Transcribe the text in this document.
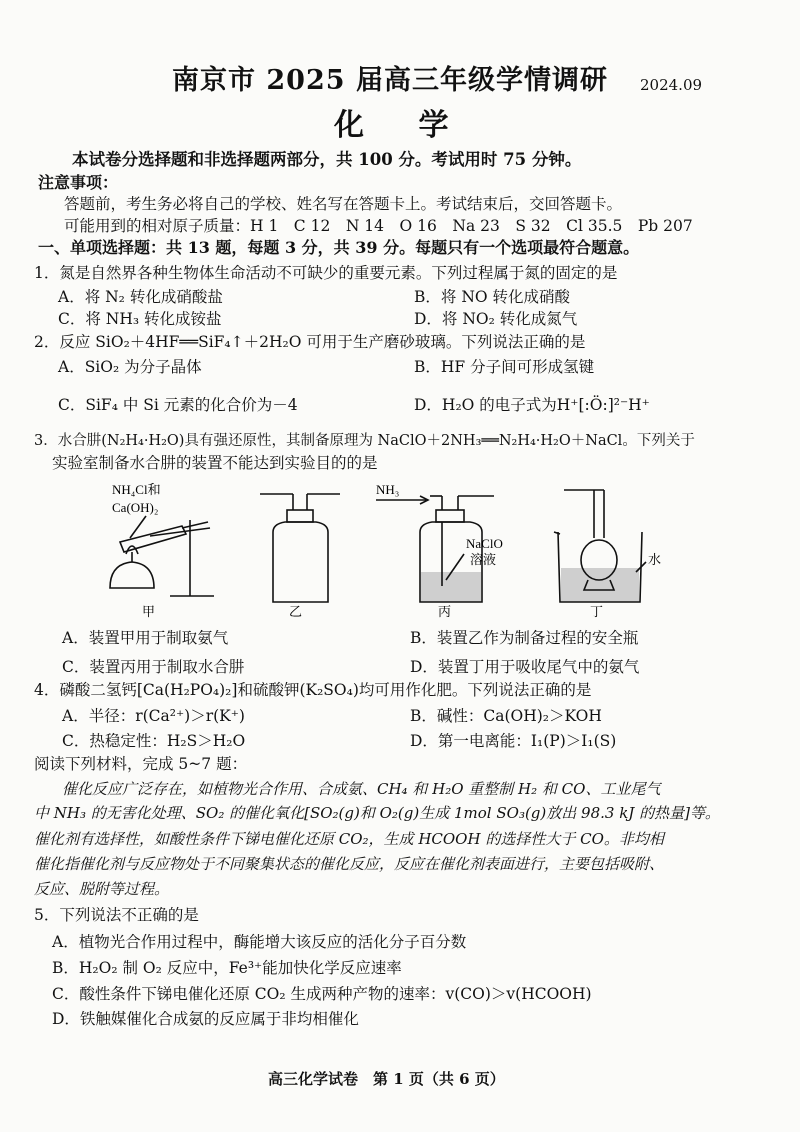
南京市 2025 届高三年级学情调研 2024.09
化 学
本试卷分选择题和非选择题两部分，共 100 分。考试用时 75 分钟。
注意事项：
答题前，考生务必将自己的学校、姓名写在答题卡上。考试结束后，交回答题卡。
可能用到的相对原子质量：H 1　C 12　N 14　O 16　Na 23　S 32　Cl 35.5　Pb 207
一、单项选择题：共 13 题，每题 3 分，共 39 分。每题只有一个选项最符合题意。
1．氮是自然界各种生物体生命活动不可缺少的重要元素。下列过程属于氮的固定的是
A．将 N₂ 转化成硝酸盐	B．将 NO 转化成硝酸
C．将 NH₃ 转化成铵盐	D．将 NO₂ 转化成氮气
2．反应 SiO₂＋4HF══SiF₄↑＋2H₂O 可用于生产磨砂玻璃。下列说法正确的是
A．SiO₂ 为分子晶体	B．HF 分子间可形成氢键
C．SiF₄ 中 Si 元素的化合价为－4	D．H₂O 的电子式为H⁺[:Ö:]²⁻H⁺
3．水合肼(N₂H₄·H₂O)具有强还原性，其制备原理为 NaClO＋2NH₃══N₂H₄·H₂O＋NaCl。下列关于
实验室制备水合肼的装置不能达到实验目的的是
NH₄Cl和
Ca(OH)₂
甲	乙
NH₃
NaClO
溶液
丙
水
丁
A．装置甲用于制取氨气	B．装置乙作为制备过程的安全瓶
C．装置丙用于制取水合肼	D．装置丁用于吸收尾气中的氨气
4．磷酸二氢钙[Ca(H₂PO₄)₂]和硫酸钾(K₂SO₄)均可用作化肥。下列说法正确的是
A．半径：r(Ca²⁺)＞r(K⁺)	B．碱性：Ca(OH)₂＞KOH
C．热稳定性：H₂S＞H₂O	D．第一电离能：I₁(P)＞I₁(S)
阅读下列材料，完成 5~7 题：
催化反应广泛存在，如植物光合作用、合成氨、CH₄ 和 H₂O 重整制 H₂ 和 CO、工业尾气
中 NH₃ 的无害化处理、SO₂ 的催化氧化[SO₂(g)和 O₂(g)生成 1mol SO₃(g)放出 98.3 kJ 的热量]等。
催化剂有选择性，如酸性条件下锑电催化还原 CO₂，生成 HCOOH 的选择性大于 CO。非均相
催化指催化剂与反应物处于不同聚集状态的催化反应，反应在催化剂表面进行，主要包括吸附、
反应、脱附等过程。
5．下列说法不正确的是
A．植物光合作用过程中，酶能增大该反应的活化分子百分数
B．H₂O₂ 制 O₂ 反应中，Fe³⁺能加快化学反应速率
C．酸性条件下锑电催化还原 CO₂ 生成两种产物的速率：v(CO)＞v(HCOOH)
D．铁触媒催化合成氨的反应属于非均相催化
高三化学试卷　第 1 页（共 6 页）
